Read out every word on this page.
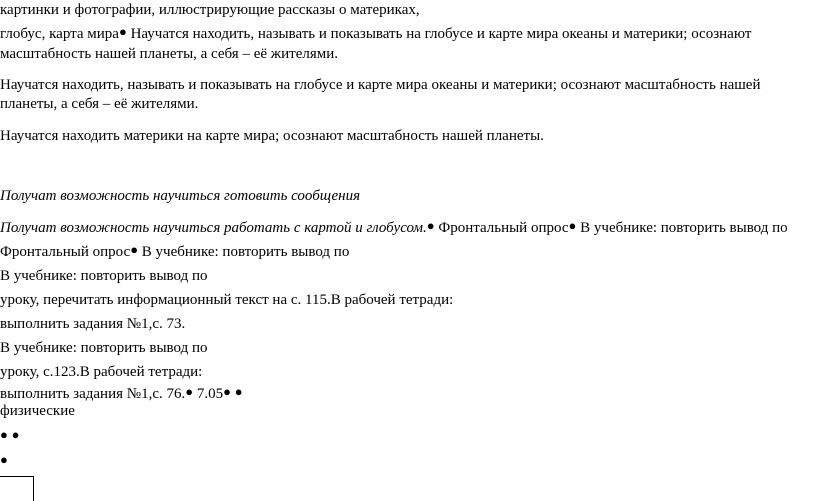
картинки и фотографии, иллюстрирующие рассказы о материках,
глобус, карта мира● Научатся находить, называть и показывать на глобусе и карте мира океаны и материки; осознают
масштабность нашей планеты, а себя – её жителями.
Научатся находить, называть и показывать на глобусе и карте мира океаны и материки; осознают масштабность нашей
планеты, а себя – её жителями.
Научатся находить материки на карте мира; осознают масштабность нашей планеты.
Получат возможность научиться готовить сообщения
Получат возможность научиться работать с картой и глобусом.● Фронтальный опрос● В учебнике: повторить вывод по
Фронтальный опрос● В учебнике: повторить вывод по
В учебнике: повторить вывод по
уроку, перечитать информационный текст на с. 115.В рабочей тетради:
выполнить задания №1,с. 73.
В учебнике: повторить вывод по
уроку, с.123.В рабочей тетради:
выполнить задания №1,с. 76.● 7.05● ●
физические
● ●
●
